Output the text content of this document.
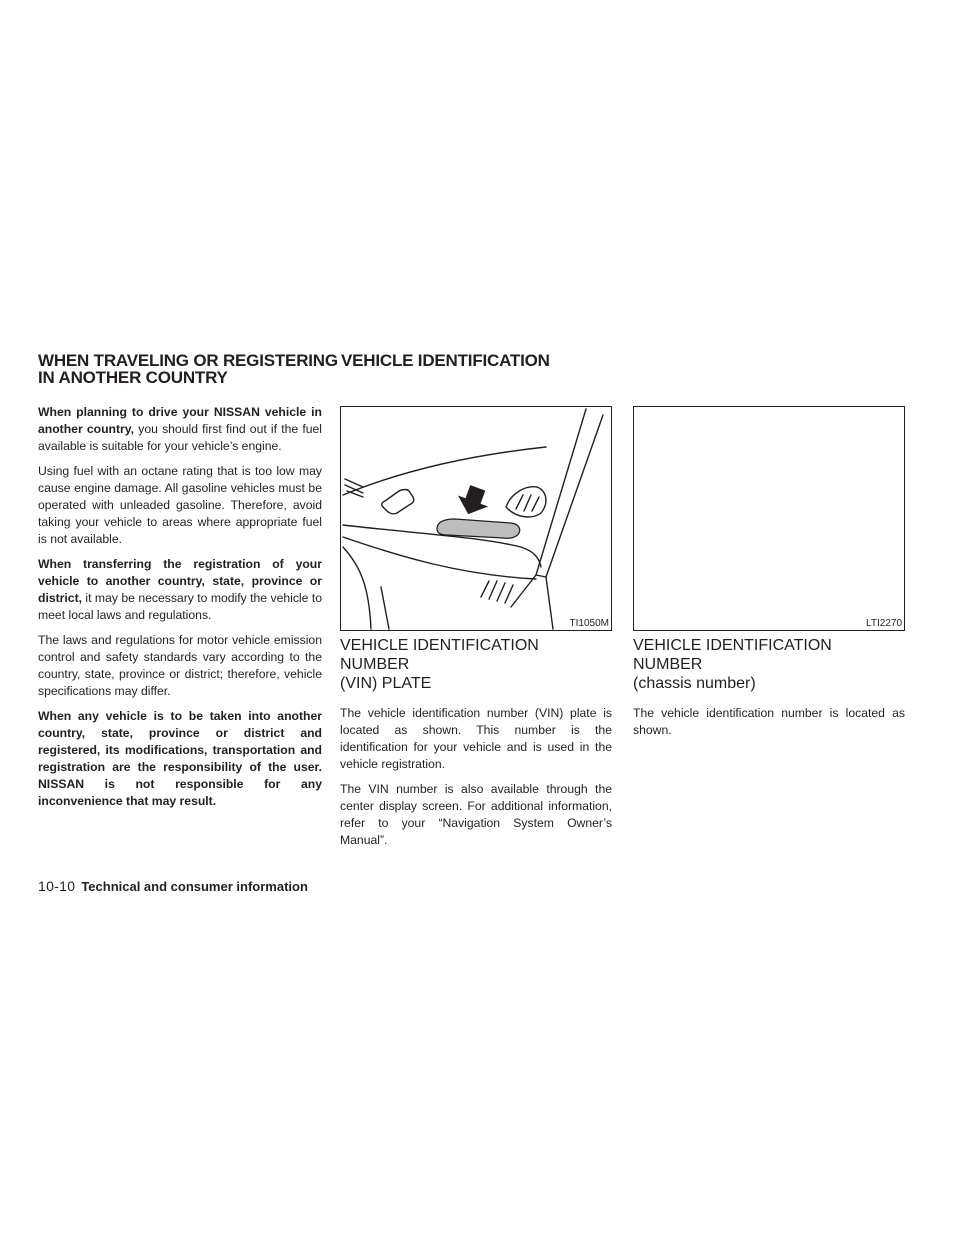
WHEN TRAVELING OR REGISTERING
IN ANOTHER COUNTRY

When planning to drive your NISSAN vehicle in another country, you should first find out if the fuel available is suitable for your vehicle’s engine.

Using fuel with an octane rating that is too low may cause engine damage. All gasoline vehicles must be operated with unleaded gasoline. Therefore, avoid taking your vehicle to areas where appropriate fuel is not available.

When transferring the registration of your vehicle to another country, state, province or district, it may be necessary to modify the vehicle to meet local laws and regulations.

The laws and regulations for motor vehicle emission control and safety standards vary according to the country, state, province or district; therefore, vehicle specifications may differ.

When any vehicle is to be taken into another country, state, province or district and registered, its modifications, transportation and registration are the responsibility of the user. NISSAN is not responsible for any inconvenience that may result.

VEHICLE IDENTIFICATION
TI1050M	LTI2270
VEHICLE IDENTIFICATION NUMBER
(VIN) PLATE

The vehicle identification number (VIN) plate is located as shown. This number is the identification for your vehicle and is used in the vehicle registration.

The VIN number is also available through the center display screen. For additional information, refer to your “Navigation System Owner’s Manual”.

VEHICLE IDENTIFICATION NUMBER
(chassis number)

The vehicle identification number is located as shown.

10-10 Technical and consumer information
